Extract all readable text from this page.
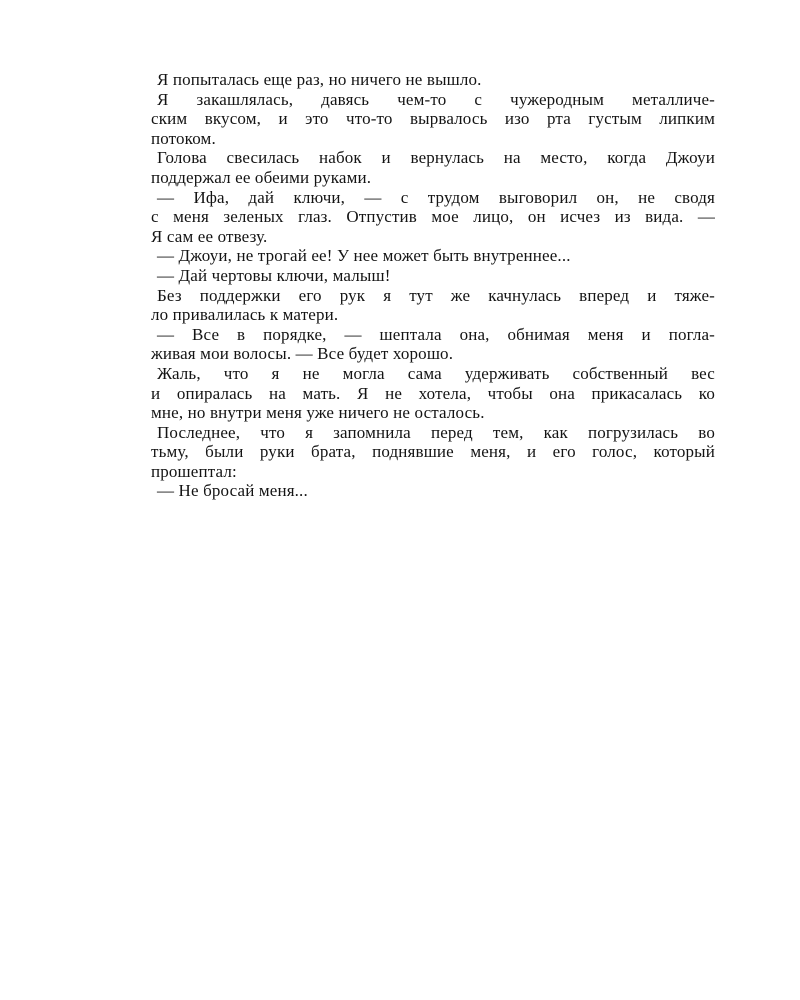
Я попыталась еще раз, но ничего не вышло.

Я закашлялась, давясь чем-то с чужеродным металличе-
ским вкусом, и это что-то вырвалось изо рта густым липким
потоком.

Голова свесилась набок и вернулась на место, когда Джоуи
поддержал ее обеими руками.

— Ифа, дай ключи, — с трудом выговорил он, не сводя
с меня зеленых глаз. Отпустив мое лицо, он исчез из вида. —
Я сам ее отвезу.

— Джоуи, не трогай ее! У нее может быть внутреннее...

— Дай чертовы ключи, малыш!

Без поддержки его рук я тут же качнулась вперед и тяже-
ло привалилась к матери.

— Все в порядке, — шептала она, обнимая меня и погла-
живая мои волосы. — Все будет хорошо.

Жаль, что я не могла сама удерживать собственный вес
и опиралась на мать. Я не хотела, чтобы она прикасалась ко
мне, но внутри меня уже ничего не осталось.

Последнее, что я запомнила перед тем, как погрузилась во
тьму, были руки брата, поднявшие меня, и его голос, который
прошептал:

— Не бросай меня...
